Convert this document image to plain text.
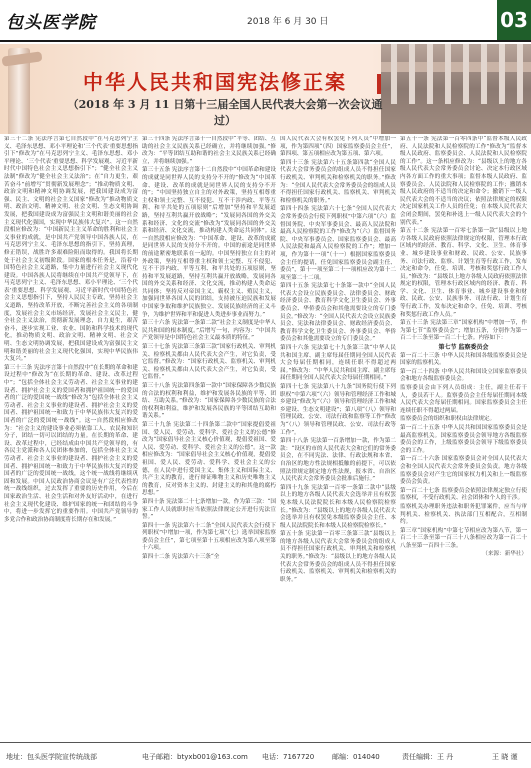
包头医学院	2018 年 6 月 30 日	03
中华人民共和国宪法修正案
（2018 年 3 月 11 日第十三届全国人民代表大会第一次会议通过）

第三十二条 宪法序言第七自然段中“在马克思列宁主义、毛泽东思想、邓小平理论和‘三个代表’重要思想指引下”修改为“在马克思列宁主义、毛泽东思想、邓小平理论、‘三个代表’重要思想、科学发展观、习近平新时代中国特色社会主义思想指引下”；“健全社会主义法制”修改为“健全社会主义法治”；在“自力更生，艰苦奋斗”前增写“贯彻新发展理念”；“推动物质文明、政治文明和精神文明协调发展，把我国建设成为富强、民主、文明的社会主义国家”修改为“推动物质文明、政治文明、精神文明、社会文明、生态文明协调发展，把我国建设成为富强民主文明和谐美丽的社会主义现代化强国，实现中华民族伟大复兴”。这一自然段相应修改为：“中国新民主主义革命的胜利和社会主义事业的成就，是中国共产党领导中国各族人民，在马克思列宁主义、毛泽东思想的指引下，坚持真理，修正错误，战胜许多艰难险阻而取得的。我国将长期处于社会主义初级阶段。国家的根本任务是，沿着中国特色社会主义道路，集中力量进行社会主义现代化建设。中国各族人民将继续在中国共产党领导下，在马克思列宁主义、毛泽东思想、邓小平理论、‘三个代表’重要思想、科学发展观、习近平新时代中国特色社会主义思想指引下，坚持人民民主专政，坚持社会主义道路，坚持改革开放，不断完善社会主义的各项制度，发展社会主义市场经济，发展社会主义民主，健全社会主义法治，贯彻新发展理念，自力更生，艰苦奋斗，逐步实现工业、农业、国防和科学技术的现代化，推动物质文明、政治文明、精神文明、社会文明、生态文明协调发展，把我国建设成为富强民主文明和谐美丽的社会主义现代化强国，实现中华民族伟大复兴。”

第三十三条 宪法序言第十自然段中“在长期的革命和建设过程中”修改为“在长期的革命、建设、改革过程中”；“包括全体社会主义劳动者、社会主义事业的建设者、拥护社会主义的爱国者和拥护祖国统一的爱国者的广泛的爱国统一战线”修改为“包括全体社会主义劳动者、社会主义事业的建设者、拥护社会主义的爱国者、拥护祖国统一和致力于中华民族伟大复兴的爱国者的广泛的爱国统一战线”。这一自然段相应修改为：“社会主义的建设事业必须依靠工人、农民和知识分子，团结一切可以团结的力量。在长期的革命、建设、改革过程中，已经结成由中国共产党领导的，有各民主党派和各人民团体参加的，包括全体社会主义劳动者、社会主义事业的建设者、拥护社会主义的爱国者、拥护祖国统一和致力于中华民族伟大复兴的爱国者的广泛的爱国统一战线，这个统一战线将继续巩固和发展。中国人民政治协商会议是有广泛代表性的统一战线组织，过去发挥了重要的历史作用，今后在国家政治生活、社会生活和对外友好活动中，在进行社会主义现代化建设、维护国家的统一和团结的斗争中，将进一步发挥它的重要作用。中国共产党领导的多党合作和政治协商制度将长期存在和发展。”

第三十四条 宪法序言第十一自然段中“平等、团结、互助的社会主义民族关系已经确立，并将继续加强。”修改为：“平等团结互助和谐的社会主义民族关系已经确立，并将继续加强。”

第三十五条 宪法序言第十二自然段中“中国革命和建设的成就是同世界人民的支持分不开的”修改为“中国革命、建设、改革的成就是同世界人民的支持分不开的”；“中国坚持独立自主的对外政策，坚持互相尊重主权和领土完整、互不侵犯、互不干涉内政、平等互利、和平共处的五项原则”后增加“坚持和平发展道路，坚持互利共赢开放战略”；“发展同各国的外交关系和经济、文化的交流”修改为“发展同各国的外交关系和经济、文化交流，推动构建人类命运共同体”。这一自然段相应修改为：“中国革命、建设、改革的成就是同世界人民的支持分不开的。中国的前途是同世界的前途紧密地联系在一起的。中国坚持独立自主的对外政策，坚持互相尊重主权和领土完整、互不侵犯、互不干涉内政、平等互利、和平共处的五项原则，坚持和平发展道路，坚持互利共赢开放战略，发展同各国的外交关系和经济、文化交流，推动构建人类命运共同体；坚持反对帝国主义、霸权主义、殖民主义，加强同世界各国人民的团结，支持被压迫民族和发展中国家争取和维护民族独立、发展民族经济的正义斗争，为维护世界和平和促进人类进步事业而努力。”

第三十六条 宪法第一条第二款“社会主义制度是中华人民共和国的根本制度。”后增写一句，内容为：“中国共产党领导是中国特色社会主义最本质的特征。”

第三十七条 宪法第三条第三款“国家行政机关、审判机关、检察机关都由人民代表大会产生，对它负责，受它监督。”修改为：“国家行政机关、监察机关、审判机关、检察机关都由人民代表大会产生，对它负责，受它监督。”

第三十八条 宪法第四条第一款中“国家保障各少数民族的合法的权利和利益，维护和发展各民族的平等、团结、互助关系。”修改为：“国家保障各少数民族的合法的权利和利益，维护和发展各民族的平等团结互助和谐关系。”

第三十九条 宪法第二十四条第二款中“国家提倡爱祖国、爱人民、爱劳动、爱科学、爱社会主义的公德”修改为“国家倡导社会主义核心价值观，提倡爱祖国、爱人民、爱劳动、爱科学、爱社会主义的公德”。这一款相应修改为：“国家倡导社会主义核心价值观，提倡爱祖国、爱人民、爱劳动、爱科学、爱社会主义的公德，在人民中进行爱国主义、集体主义和国际主义、共产主义的教育，进行辩证唯物主义和历史唯物主义的教育，反对资本主义的、封建主义的和其他的腐朽思想。”

第四十条 宪法第二十七条增加一款，作为第三款：“国家工作人员就职时应当依照法律规定公开进行宪法宣誓。”

第四十一条 宪法第六十二条“全国人民代表大会行使下列职权”中增加一项，作为第七项“（七）选举国家监察委员会主任”，第七项至第十五项相应改为第八项至第十六项。

第四十二条 宪法第六十三条“全

国人民代表大会有权罢免下列人员”中增加一项，作为第四项“（四）国家监察委员会主任”，第四项、第五项相应改为第五项、第六项。

第四十三条 宪法第六十五条第四款“全国人民代表大会常务委员会的组成人员不得担任国家行政机关、审判机关和检察机关的职务。”修改为：“全国人民代表大会常务委员会的组成人员不得担任国家行政机关、监察机关、审判机关和检察机关的职务。”

第四十四条 宪法第六十七条“全国人民代表大会常务委员会行使下列职权”中第六项“（六）监督国务院、中央军事委员会、最高人民法院和最高人民检察院的工作”修改为“（六）监督国务院、中央军事委员会、国家监察委员会、最高人民法院和最高人民检察院的工作”；增加一项，作为第十一项“（十一）根据国家监察委员会主任的提请，任免国家监察委员会副主任、委员”，第十一项至第二十一项相应改为第十二项至第二十二项。

第四十五条 宪法第七十条第一款中“全国人民代表大会设立民族委员会、法律委员会、财政经济委员会、教育科学文化卫生委员会、外事委员会、华侨委员会和其他需要设立的专门委员会。”修改为：“全国人民代表大会设立民族委员会、宪法和法律委员会、财政经济委员会、教育科学文化卫生委员会、外事委员会、华侨委员会和其他需要设立的专门委员会。”

第四十六条 宪法第七十九条第三款“中华人民共和国主席、副主席每届任期同全国人民代表大会每届任期相同，连续任职不得超过两届。”修改为：“中华人民共和国主席、副主席每届任期同全国人民代表大会每届任期相同。”

第四十七条 宪法第八十九条“国务院行使下列职权”中第六项“（六）领导和管理经济工作和城乡建设”修改为“（六）领导和管理经济工作和城乡建设、生态文明建设”；第八项“（八）领导和管理民政、公安、司法行政和监察等工作”修改为“（八）领导和管理民政、公安、司法行政等工作”。

第四十八条 宪法第一百条增加一款，作为第二款：“设区的市的人民代表大会和它们的常务委员会，在不同宪法、法律、行政法规和本省、自治区的地方性法规相抵触的前提下，可以依照法律规定制定地方性法规，报本省、自治区人民代表大会常务委员会批准后施行。”

第四十九条 宪法第一百零一条第二款中“县级以上的地方各级人民代表大会选举并且有权罢免本级人民法院院长和本级人民检察院检察长。”修改为：“县级以上的地方各级人民代表大会选举并且有权罢免本级监察委员会主任、本级人民法院院长和本级人民检察院检察长。”

第五十条 宪法第一百零三条第三款“县级以上的地方各级人民代表大会常务委员会的组成人员不得担任国家行政机关、审判机关和检察机关的职务。”修改为：“县级以上的地方各级人民代表大会常务委员会的组成人员不得担任国家行政机关、监察机关、审判机关和检察机关的职务。”

第五十一条 宪法第一百零四条中“监督本级人民政府、人民法院和人民检察院的工作”修改为“监督本级人民政府、监察委员会、人民法院和人民检察院的工作”。这一条相应修改为：“县级以上的地方各级人民代表大会常务委员会讨论、决定本行政区域内各方面工作的重大事项；监督本级人民政府、监察委员会、人民法院和人民检察院的工作；撤销本级人民政府的不适当的决定和命令；撤销下一级人民代表大会的不适当的决议；依照法律规定的权限决定国家机关工作人员的任免；在本级人民代表大会闭会期间，罢免和补选上一级人民代表大会的个别代表。”

第五十二条 宪法第一百零七条第一款“县级以上地方各级人民政府依照法律规定的权限，管理本行政区域内的经济、教育、科学、文化、卫生、体育事业、城乡建设事业和财政、民政、公安、民族事务、司法行政、监察、计划生育等行政工作，发布决定和命令，任免、培训、考核和奖惩行政工作人员。”修改为：“县级以上地方各级人民政府依照法律规定的权限，管理本行政区域内的经济、教育、科学、文化、卫生、体育事业、城乡建设事业和财政、民政、公安、民族事务、司法行政、计划生育等行政工作，发布决定和命令，任免、培训、考核和奖惩行政工作人员。”

第五十三条 宪法第三章“国家机构”中增加一节，作为第七节“监察委员会”；增加五条，分别作为第一百二十三条至第一百二十七条。内容如下：

第七节 监察委员会

第一百二十三条 中华人民共和国各级监察委员会是国家的监察机关。

第一百二十四条 中华人民共和国设立国家监察委员会和地方各级监察委员会。

监察委员会由下列人员组成：主任，副主任若干人，委员若干人。监察委员会主任每届任期同本级人民代表大会每届任期相同。国家监察委员会主任连续任职不得超过两届。

监察委员会的组织和职权由法律规定。

第一百二十五条 中华人民共和国国家监察委员会是最高监察机关。国家监察委员会领导地方各级监察委员会的工作，上级监察委员会领导下级监察委员会的工作。

第一百二十六条 国家监察委员会对全国人民代表大会和全国人民代表大会常务委员会负责。地方各级监察委员会对产生它的国家权力机关和上一级监察委员会负责。

第一百二十七条 监察委员会依照法律规定独立行使监察权，不受行政机关、社会团体和个人的干涉。

监察机关办理职务违法和职务犯罪案件，应当与审判机关、检察机关、执法部门互相配合，互相制约。

第三章“国家机构”中第七节相应改为第八节，第一百二十三条至第一百三十八条相应改为第一百二十八条至第一百四十三条。

（来源：新华社）

地址：包头医学院宣传统战部	电子邮箱：btyxb001@163.com 电话：7167720	邮编：014040	责任编辑：王 丹	王 晓 谨
